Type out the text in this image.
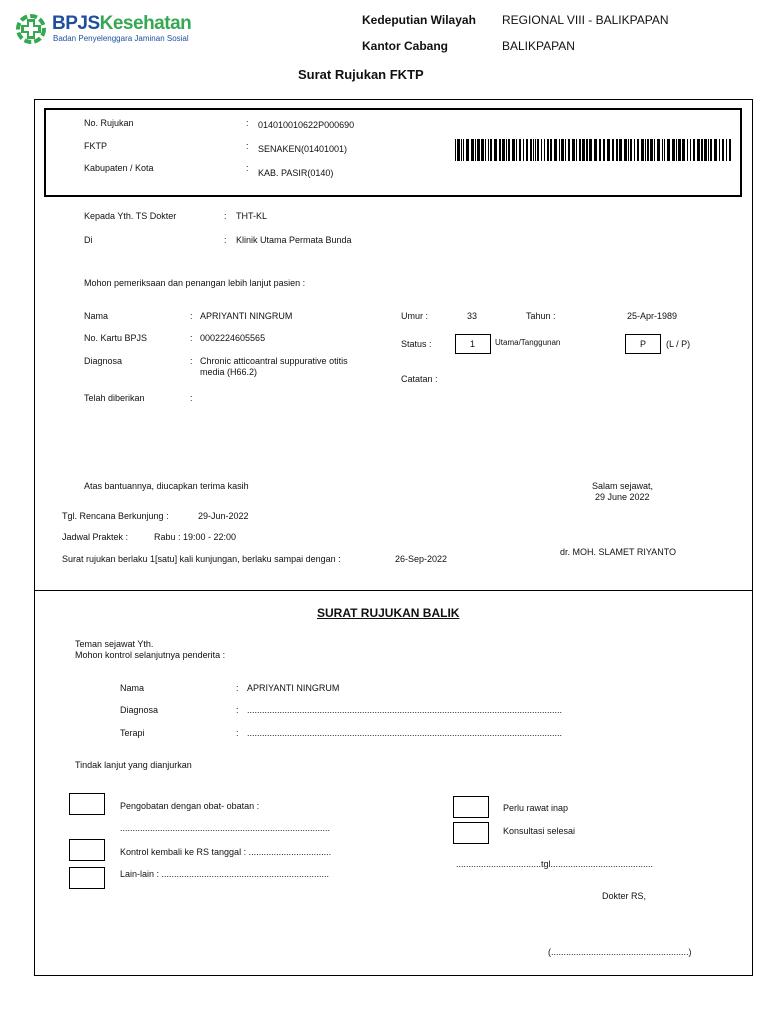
BPJSKesehatan
Badan Penyelenggara Jaminan Sosial
Kedeputian Wilayah REGIONAL VIII - BALIKPAPAN
Kantor Cabang	BALIKPAPAN
Surat Rujukan FKTP
No. Rujukan	: 014010010622P000690
FKTP	: SENAKEN(01401001)
Kabupaten / Kota	: KAB. PASIR(0140)
Kepada Yth. TS Dokter	: THT-KL
Di	: Klinik Utama Permata Bunda
Mohon pemeriksaan dan penangan lebih lanjut pasien :
Nama	: APRIYANTI NINGRUM
No. Kartu BPJS	: 0002224605565
Diagnosa	: Chronic atticoantral suppurative otitis
media (H66.2)
Telah diberikan	:
Umur :	33	Tahun :	25-Apr-1989
Status :	1 Utama/Tanggunan	P (L / P)
Catatan :
Atas bantuannya, diucapkan terima kasih	Salam sejawat,
29 June 2022
Tgl. Rencana Berkunjung :	29-Jun-2022
Jadwal Praktek :	Rabu : 19:00 - 22:00
Surat rujukan berlaku 1[satu] kali kunjungan, berlaku sampai dengan :	26-Sep-2022
dr. MOH. SLAMET RIYANTO
SURAT RUJUKAN BALIK
Teman sejawat Yth.
Mohon kontrol selanjutnya penderita :
Nama	: APRIYANTI NINGRUM
Diagnosa	: ..............................................................................................................................
Terapi	: ..............................................................................................................................
Tindak lanjut yang dianjurkan
Pengobatan dengan obat- obatan :
....................................................................................
Kontrol kembali ke RS tanggal : .................................
Lain-lain : ...................................................................
Perlu rawat inap
Konsultasi selesai
..................................tgl.........................................
Dokter RS,
(.......................................................)
